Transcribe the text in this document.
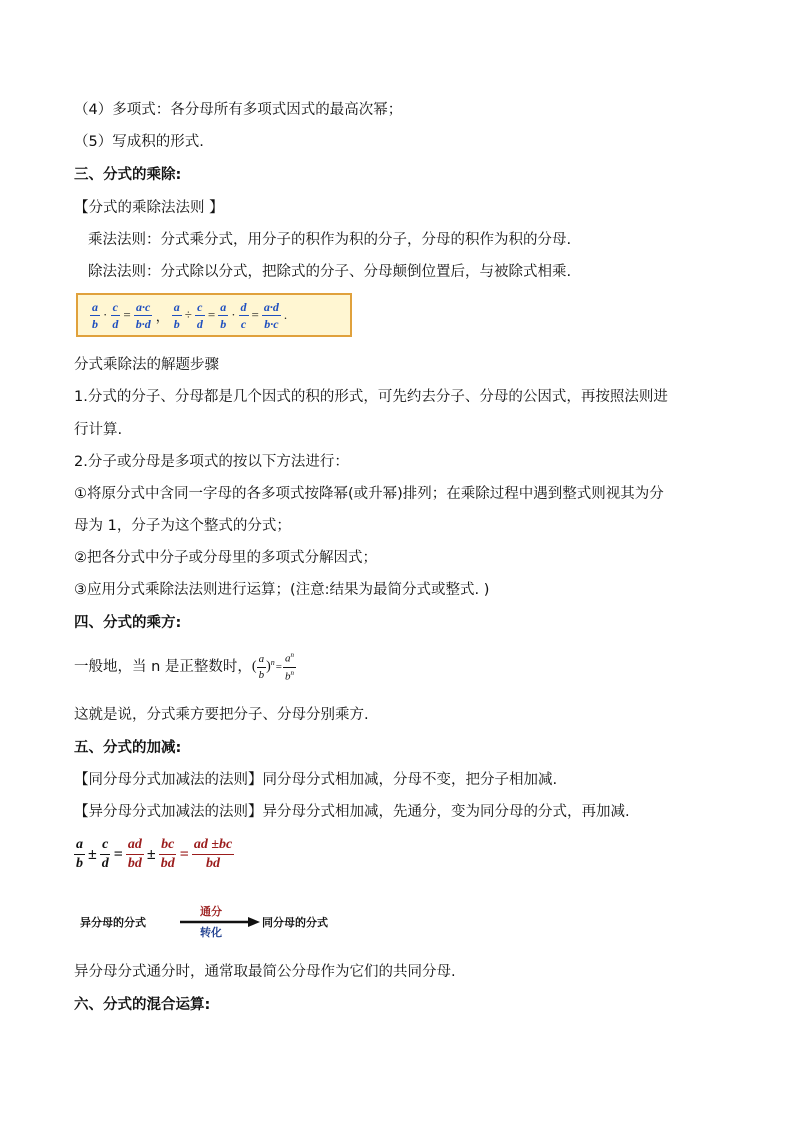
（4）多项式：各分母所有多项式因式的最高次幂；
（5）写成积的形式.
三、分式的乘除:
【分式的乘除法法则 】
乘法法则：分式乘分式，用分子的积作为积的分子，分母的积作为积的分母.
除法法则：分式除以分式，把除式的分子、分母颠倒位置后，与被除式相乘.
$\frac{a}{b} \cdot \frac{c}{d} = \frac{a\cdot c}{b\cdot d}$ ， $\frac{a}{b} \div \frac{c}{d} = \frac{a}{b} \cdot \frac{d}{c} = \frac{a\cdot d}{b\cdot c}$ .
分式乘除法的解题步骤
1.分式的分子、分母都是几个因式的积的形式，可先约去分子、分母的公因式，再按照法则进
行计算.
2.分子或分母是多项式的按以下方法进行：
①将原分式中含同一字母的各多项式按降幂(或升幂)排列；在乘除过程中遇到整式则视其为分
母为 1，分子为这个整式的分式；
②把各分式中分子或分母里的多项式分解因式；
③应用分式乘除法法则进行运算；(注意:结果为最简分式或整式. )
四、分式的乘方:
一般地，当 n 是正整数时， ( $\frac{a}{b} )^n = \frac{a^n}{b^n}$
这就是说，分式乘方要把分子、分母分别乘方.
五、分式的加减:
【同分母分式加减法的法则】同分母分式相加减，分母不变，把分子相加减.
【异分母分式加减法的法则】异分母分式相加减，先通分，变为同分母的分式，再加减.
$\frac{a}{b} \pm \frac{c}{d} = \frac{ad}{bd} \pm \frac{bc}{bd} = \frac{ad \pm bc}{bd}$
异分母的分式
通分
转化
同分母的分式
异分母分式通分时，通常取最简公分母作为它们的共同分母.
六、分式的混合运算:
